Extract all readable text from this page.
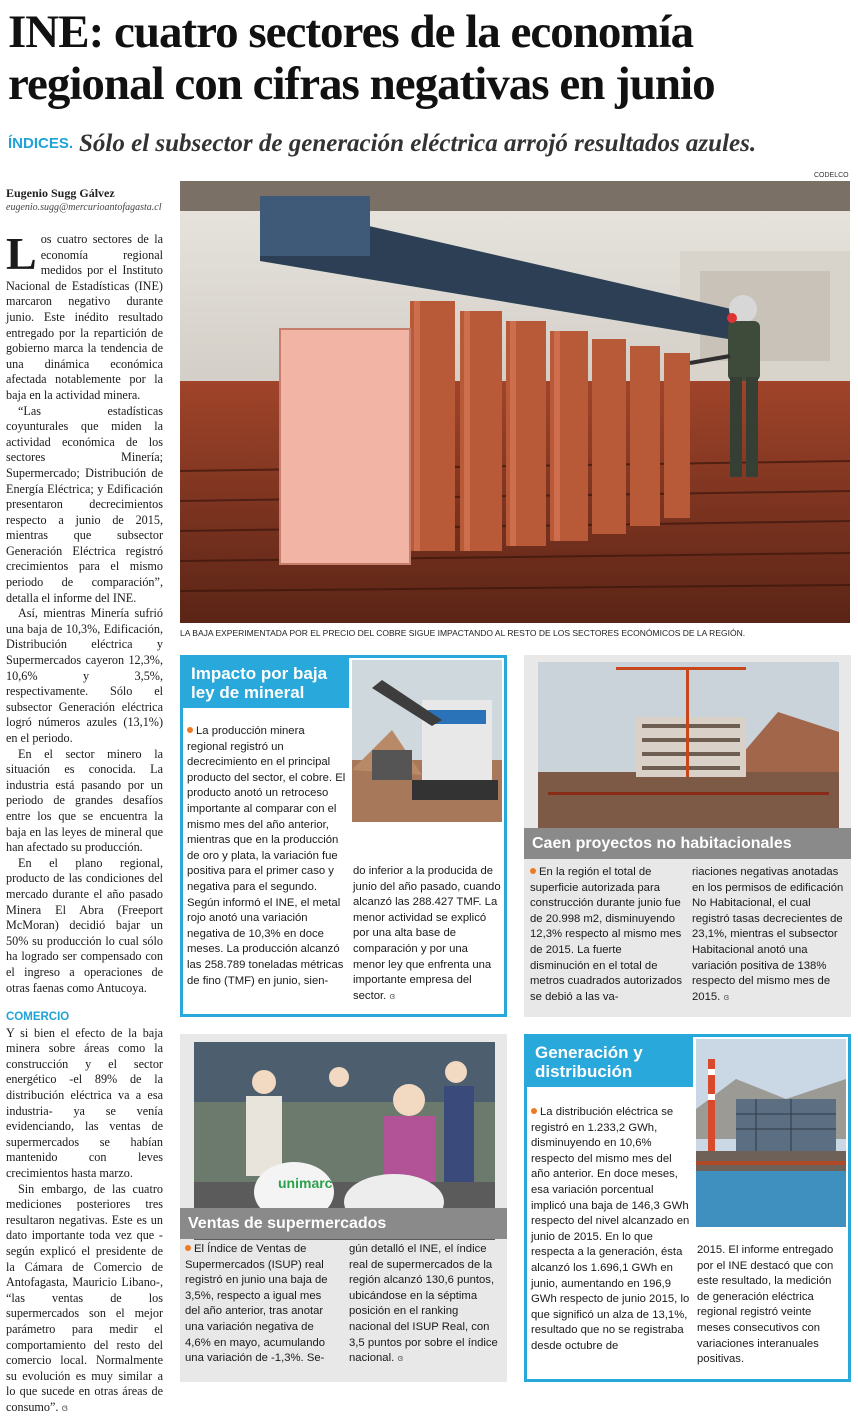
INE: cuatro sectores de la economía regional con cifras negativas en junio
ÍNDICES. Sólo el subsector de generación eléctrica arrojó resultados azules.
Eugenio Sugg Gálvez
eugenio.sugg@mercurioantofagasta.cl

Los cuatro sectores de la economía regional medidos por el Instituto Nacional de Estadísticas (INE) marcaron negativo durante junio. Este inédito resultado entregado por la repartición de gobierno marca la tendencia de una dinámica económica afectada notablemente por la baja en la actividad minera.

“Las estadísticas coyunturales que miden la actividad económica de los sectores Minería; Supermercado; Distribución de Energía Eléctrica; y Edificación presentaron decrecimientos respecto a junio de 2015, mientras que subsector Generación Eléctrica registró crecimientos para el mismo periodo de comparación”, detalla el informe del INE.

Así, mientras Minería sufrió una baja de 10,3%, Edificación, Distribución eléctrica y Supermercados cayeron 12,3%, 10,6% y 3,5%, respectivamente. Sólo el subsector Generación eléctrica logró números azules (13,1%) en el periodo.

En el sector minero la situación es conocida. La industria está pasando por un periodo de grandes desafíos entre los que se encuentra la baja en las leyes de mineral que han afectado su producción.

En el plano regional, producto de las condiciones del mercado durante el año pasado Minera El Abra (Freeport McMoran) decidió bajar un 50% su producción lo cual sólo ha logrado ser compensado con el ingreso a operaciones de otras faenas como Antucoya.

COMERCIO

Y si bien el efecto de la baja minera sobre áreas como la construcción y el sector energético -el 89% de la distribución eléctrica va a esa industria- ya se venía evidenciando, las ventas de supermercados se habían mantenido con leves crecimientos hasta marzo.

Sin embargo, de las cuatro mediciones posteriores tres resultaron negativas. Este es un dato importante toda vez que -según explicó el presidente de la Cámara de Comercio de Antofagasta, Mauricio Libano-, “las ventas de los supermercados son el mejor parámetro para medir el comportamiento del resto del comercio local. Normalmente su evolución es muy similar a lo que sucede en otras áreas de consumo”. ɞ

CODELCO
LA BAJA EXPERIMENTADA POR EL PRECIO DEL COBRE SIGUE IMPACTANDO AL RESTO DE LOS SECTORES ECONÓMICOS DE LA REGIÓN.
Impacto por baja ley de mineral
La producción minera regional registró un decrecimiento en el principal producto del sector, el cobre. El producto anotó un retroceso importante al comparar con el mismo mes del año anterior, mientras que en la producción de oro y plata, la variación fue positiva para el primer caso y negativa para el segundo. Según informó el INE, el metal rojo anotó una variación negativa de 10,3% en doce meses. La producción alcanzó las 258.789 toneladas métricas de fino (TMF) en junio, sien-
do inferior a la producida de junio del año pasado, cuando alcanzó las 288.427 TMF. La menor actividad se explicó por una alta base de comparación y por una menor ley que enfrenta una importante empresa del sector. ɞ
Caen proyectos no habitacionales
En la región el total de superficie autorizada para construcción durante junio fue de 20.998 m2, disminuyendo 12,3% respecto al mismo mes de 2015. La fuerte disminución en el total de metros cuadrados autorizados se debió a las va-
riaciones negativas anotadas en los permisos de edificación No Habitacional, el cual registró tasas decrecientes de 23,1%, mientras el subsector Habitacional anotó una variación positiva de 138% respecto del mismo mes de 2015. ɞ
unimarc
Ventas de supermercados
El Índice de Ventas de Supermercados (ISUP) real registró en junio una baja de 3,5%, respecto a igual mes del año anterior, tras anotar una variación negativa de 4,6% en mayo, acumulando una variación de -1,3%. Se-
gún detalló el INE, el índice real de supermercados de la región alcanzó 130,6 puntos, ubicándose en la séptima posición en el ranking nacional del ISUP Real, con 3,5 puntos por sobre el índice nacional. ɞ
Generación y distribución
La distribución eléctrica se registró en 1.233,2 GWh, disminuyendo en 10,6% respecto del mismo mes del año anterior. En doce meses, esa variación porcentual implicó una baja de 146,3 GWh respecto del nivel alcanzado en junio de 2015. En lo que respecta a la generación, ésta alcanzó los 1.696,1 GWh en junio, aumentando en 196,9 GWh respecto de junio 2015, lo que significó un alza de 13,1%, resultado que no se registraba desde octubre de
2015. El informe entregado por el INE destacó que con este resultado, la medición de generación eléctrica regional registró veinte meses consecutivos con variaciones interanuales positivas.
